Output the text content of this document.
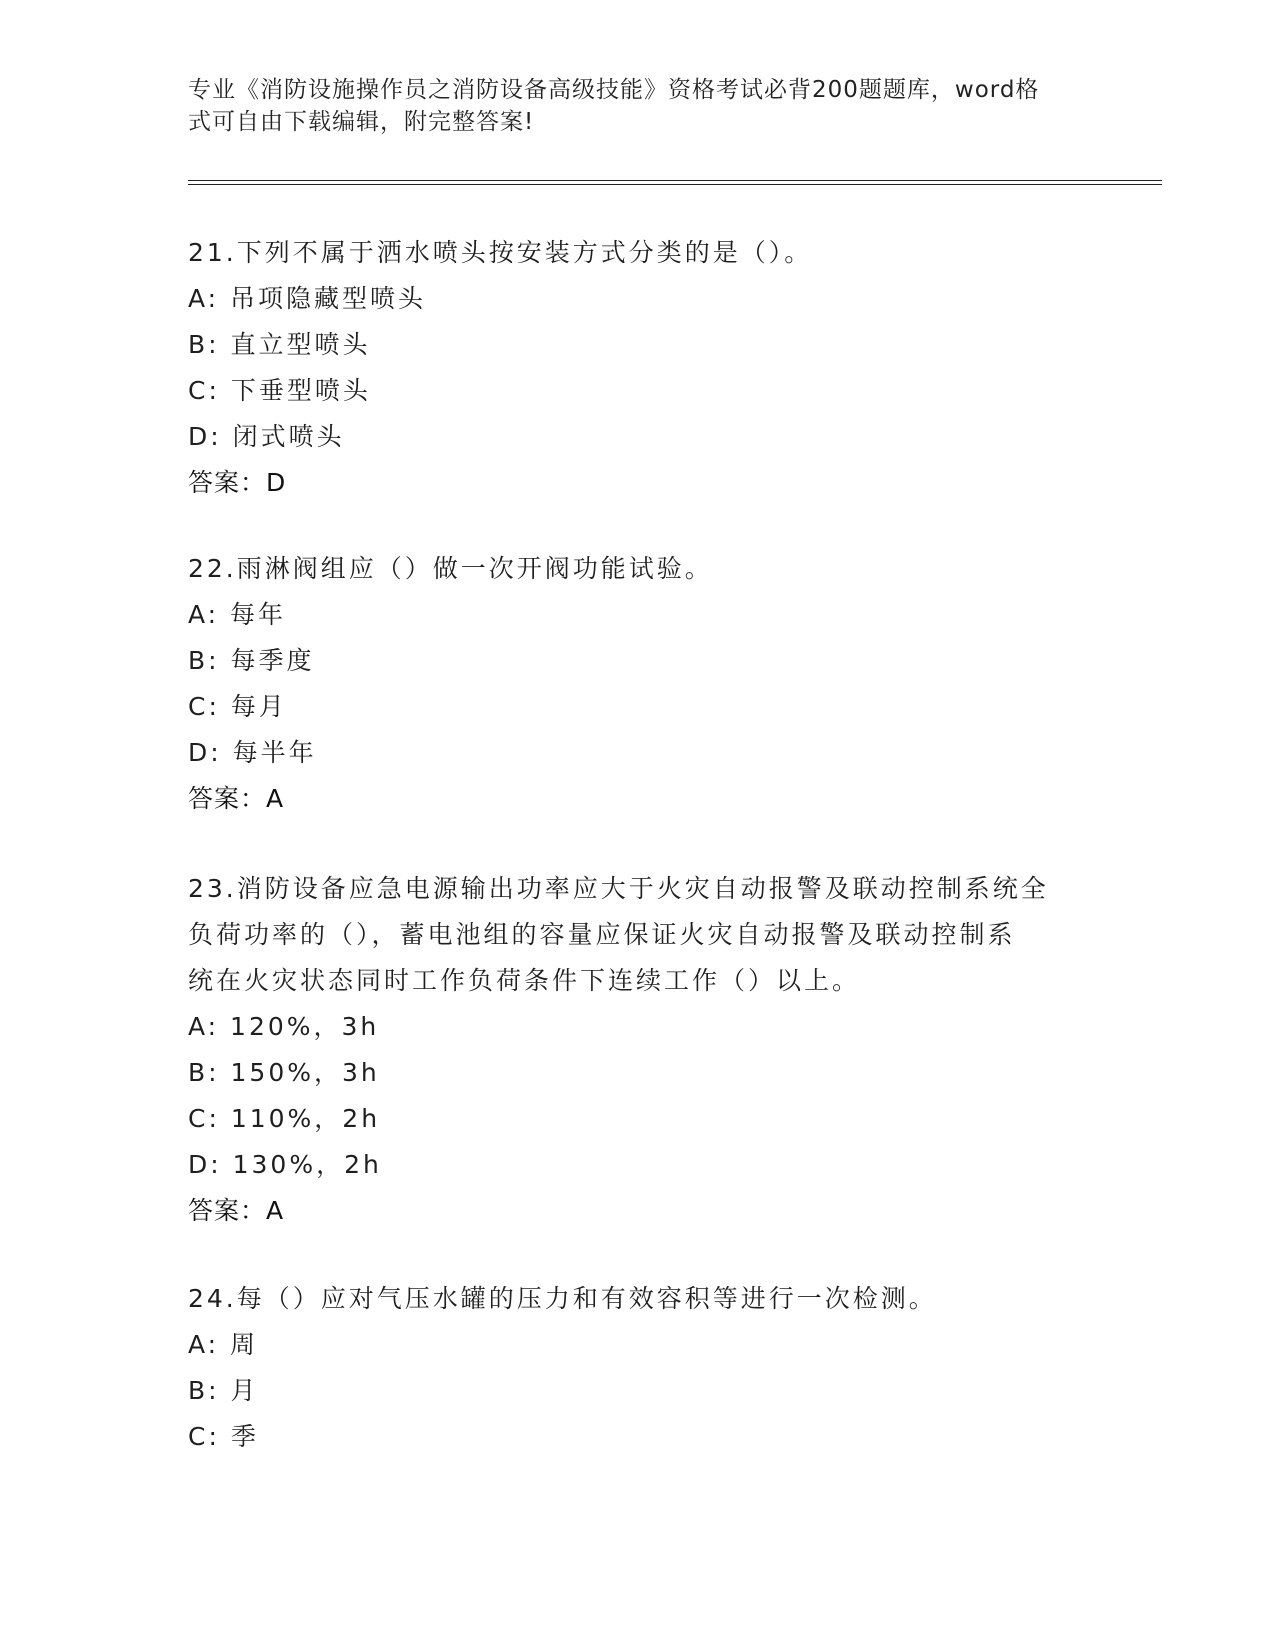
专业《消防设施操作员之消防设备高级技能》资格考试必背200题题库，word格
式可自由下载编辑，附完整答案!
21.下列不属于洒水喷头按安装方式分类的是（）。
A: 吊项隐藏型喷头
B: 直立型喷头
C: 下垂型喷头
D: 闭式喷头
答案：D
22.雨淋阀组应（）做一次开阀功能试验。
A: 每年
B: 每季度
C: 每月
D: 每半年
答案：A
23.消防设备应急电源输出功率应大于火灾自动报警及联动控制系统全
负荷功率的（），蓄电池组的容量应保证火灾自动报警及联动控制系
统在火灾状态同时工作负荷条件下连续工作（）以上。
A: 120%，3h
B: 150%，3h
C: 110%，2h
D: 130%，2h
答案：A
24.每（）应对气压水罐的压力和有效容积等进行一次检测。
A: 周
B: 月
C: 季
